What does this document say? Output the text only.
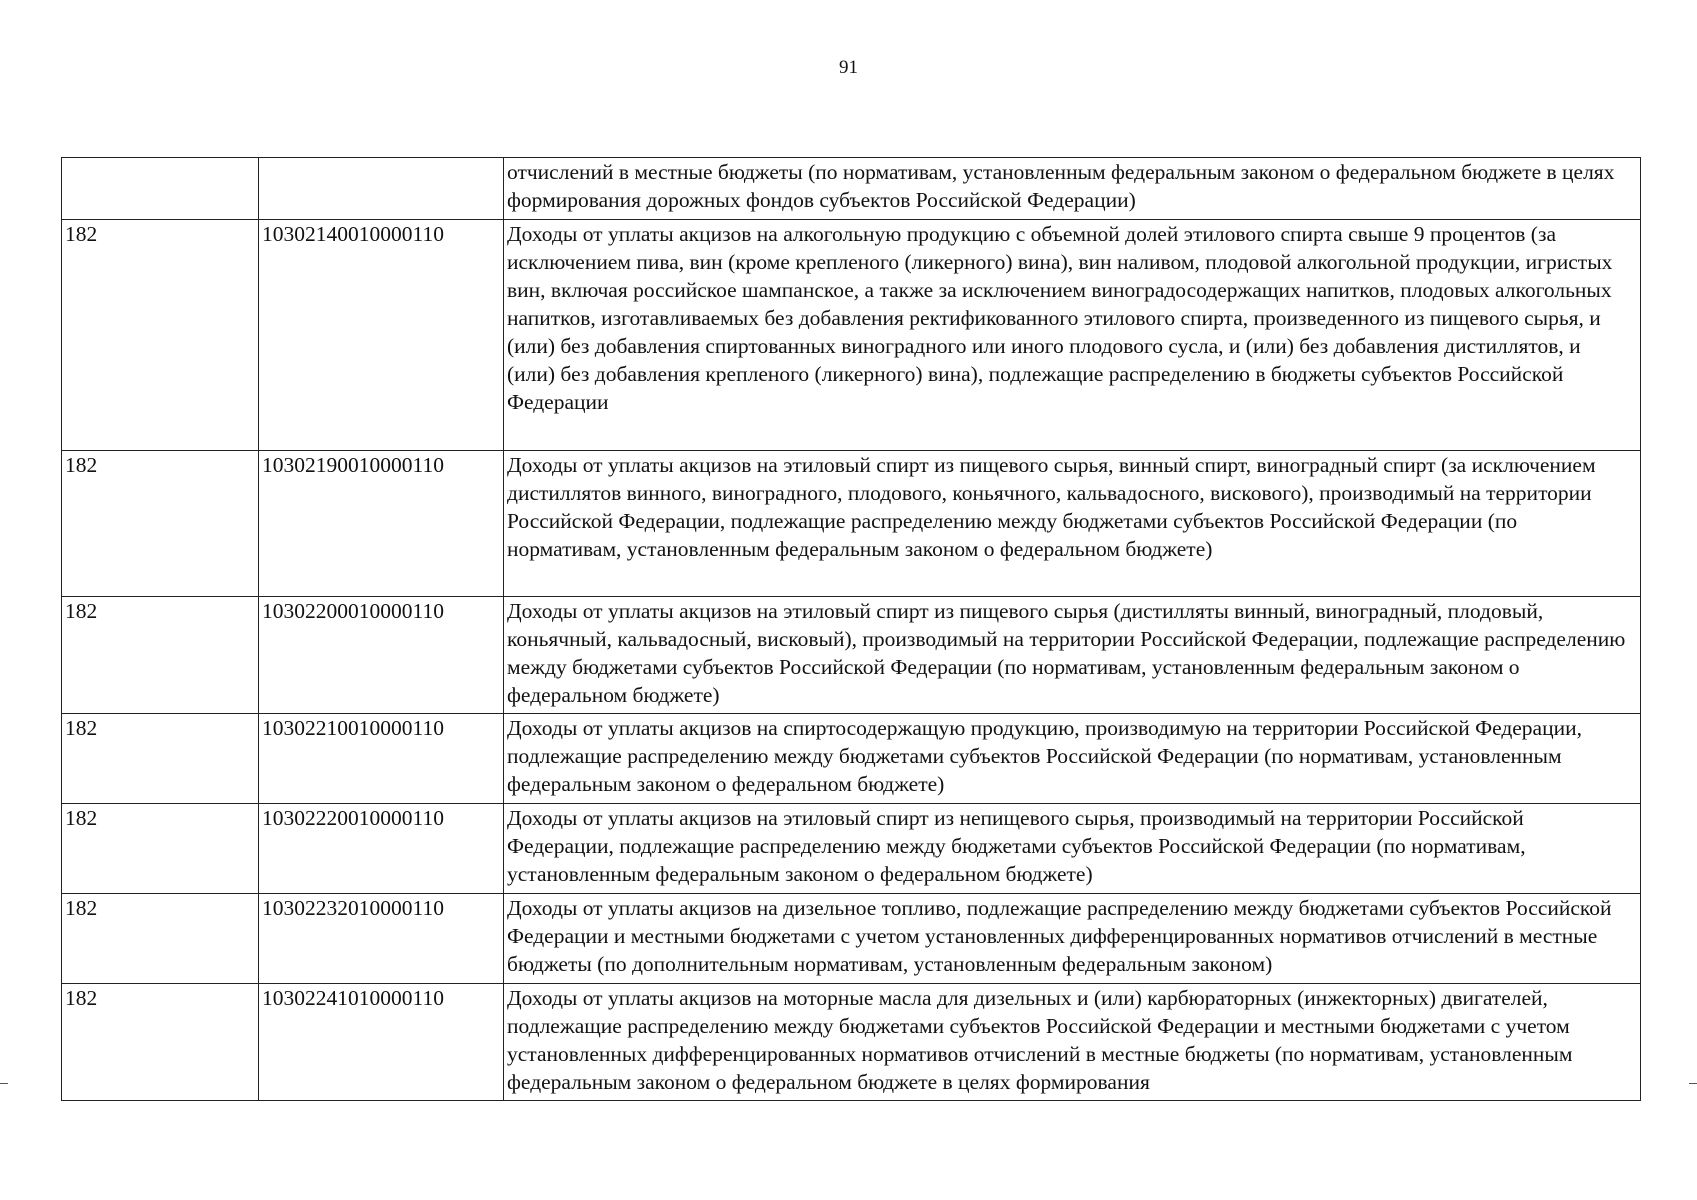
91
		отчислений в местные бюджеты (по нормативам, установленным федеральным законом о федеральном бюджете в целях формирования дорожных фондов субъектов Российской Федерации)
182	10302140010000110	Доходы от уплаты акцизов на алкогольную продукцию с объемной долей этилового спирта свыше 9 процентов (за исключением пива, вин (кроме крепленого (ликерного) вина), вин наливом, плодовой алкогольной продукции, игристых вин, включая российское шампанское, а также за исключением виноградосодержащих напитков, плодовых алкогольных напитков, изготавливаемых без добавления ректификованного этилового спирта, произведенного из пищевого сырья, и (или) без добавления спиртованных виноградного или иного плодового сусла, и (или) без добавления дистиллятов, и (или) без добавления крепленого (ликерного) вина), подлежащие распределению в бюджеты субъектов Российской Федерации
182	10302190010000110	Доходы от уплаты акцизов на этиловый спирт из пищевого сырья, винный спирт, виноградный спирт (за исключением дистиллятов винного, виноградного, плодового, коньячного, кальвадосного, вискового), производимый на территории Российской Федерации, подлежащие распределению между бюджетами субъектов Российской Федерации (по нормативам, установленным федеральным законом о федеральном бюджете)
182	10302200010000110	Доходы от уплаты акцизов на этиловый спирт из пищевого сырья (дистилляты винный, виноградный, плодовый, коньячный, кальвадосный, висковый), производимый на территории Российской Федерации, подлежащие распределению между бюджетами субъектов Российской Федерации (по нормативам, установленным федеральным законом о федеральном бюджете)
182	10302210010000110	Доходы от уплаты акцизов на спиртосодержащую продукцию, производимую на территории Российской Федерации, подлежащие распределению между бюджетами субъектов Российской Федерации (по нормативам, установленным федеральным законом о федеральном бюджете)
182	10302220010000110	Доходы от уплаты акцизов на этиловый спирт из непищевого сырья, производимый на территории Российской Федерации, подлежащие распределению между бюджетами субъектов Российской Федерации (по нормативам, установленным федеральным законом о федеральном бюджете)
182	10302232010000110	Доходы от уплаты акцизов на дизельное топливо, подлежащие распределению между бюджетами субъектов Российской Федерации и местными бюджетами с учетом установленных дифференцированных нормативов отчислений в местные бюджеты (по дополнительным нормативам, установленным федеральным законом)
182	10302241010000110	Доходы от уплаты акцизов на моторные масла для дизельных и (или) карбюраторных (инжекторных) двигателей, подлежащие распределению между бюджетами субъектов Российской Федерации и местными бюджетами с учетом установленных дифференцированных нормативов отчислений в местные бюджеты (по нормативам, установленным федеральным законом о федеральном бюджете в целях формирования
